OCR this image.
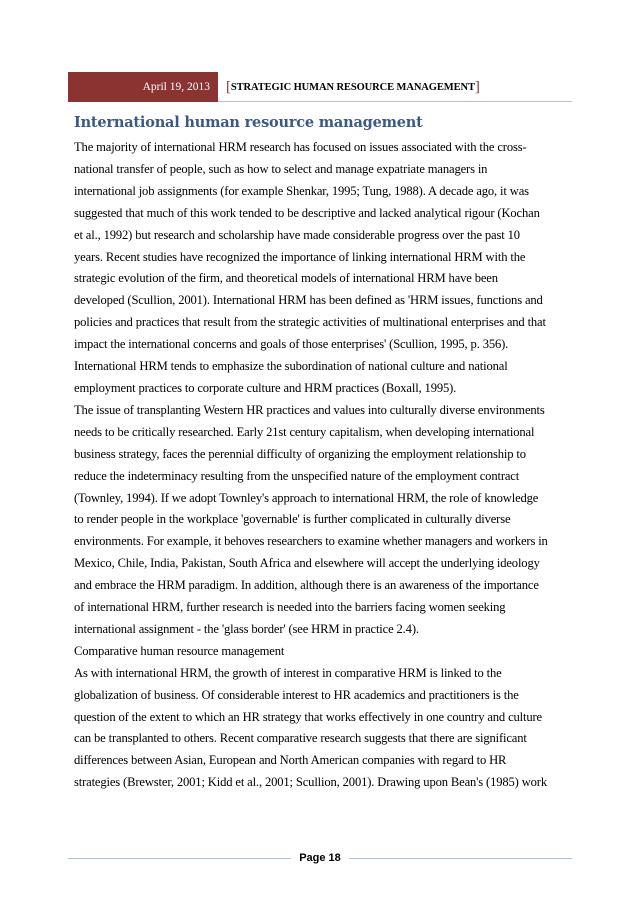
April 19, 2013	[ STRATEGIC HUMAN RESOURCE MANAGEMENT ]
International human resource management
The majority of international HRM research has focused on issues associated with the cross-
national transfer of people, such as how to select and manage expatriate managers in
international job assignments (for example Shenkar, 1995; Tung, 1988). A decade ago, it was
suggested that much of this work tended to be descriptive and lacked analytical rigour (Kochan
et al., 1992) but research and scholarship have made considerable progress over the past 10
years. Recent studies have recognized the importance of linking international HRM with the
strategic evolution of the firm, and theoretical models of international HRM have been
developed (Scullion, 2001). International HRM has been defined as 'HRM issues, functions and
policies and practices that result from the strategic activities of multinational enterprises and that
impact the international concerns and goals of those enterprises' (Scullion, 1995, p. 356).
International HRM tends to emphasize the subordination of national culture and national
employment practices to corporate culture and HRM practices (Boxall, 1995).
The issue of transplanting Western HR practices and values into culturally diverse environments
needs to be critically researched. Early 21st century capitalism, when developing international
business strategy, faces the perennial difficulty of organizing the employment relationship to
reduce the indeterminacy resulting from the unspecified nature of the employment contract
(Townley, 1994). If we adopt Townley's approach to international HRM, the role of knowledge
to render people in the workplace 'governable' is further complicated in culturally diverse
environments. For example, it behoves researchers to examine whether managers and workers in
Mexico, Chile, India, Pakistan, South Africa and elsewhere will accept the underlying ideology
and embrace the HRM paradigm. In addition, although there is an awareness of the importance
of international HRM, further research is needed into the barriers facing women seeking
international assignment - the 'glass border' (see HRM in practice 2.4).
Comparative human resource management
As with international HRM, the growth of interest in comparative HRM is linked to the
globalization of business. Of considerable interest to HR academics and practitioners is the
question of the extent to which an HR strategy that works effectively in one country and culture
can be transplanted to others. Recent comparative research suggests that there are significant
differences between Asian, European and North American companies with regard to HR
strategies (Brewster, 2001; Kidd et al., 2001; Scullion, 2001). Drawing upon Bean's (1985) work
Page 18
